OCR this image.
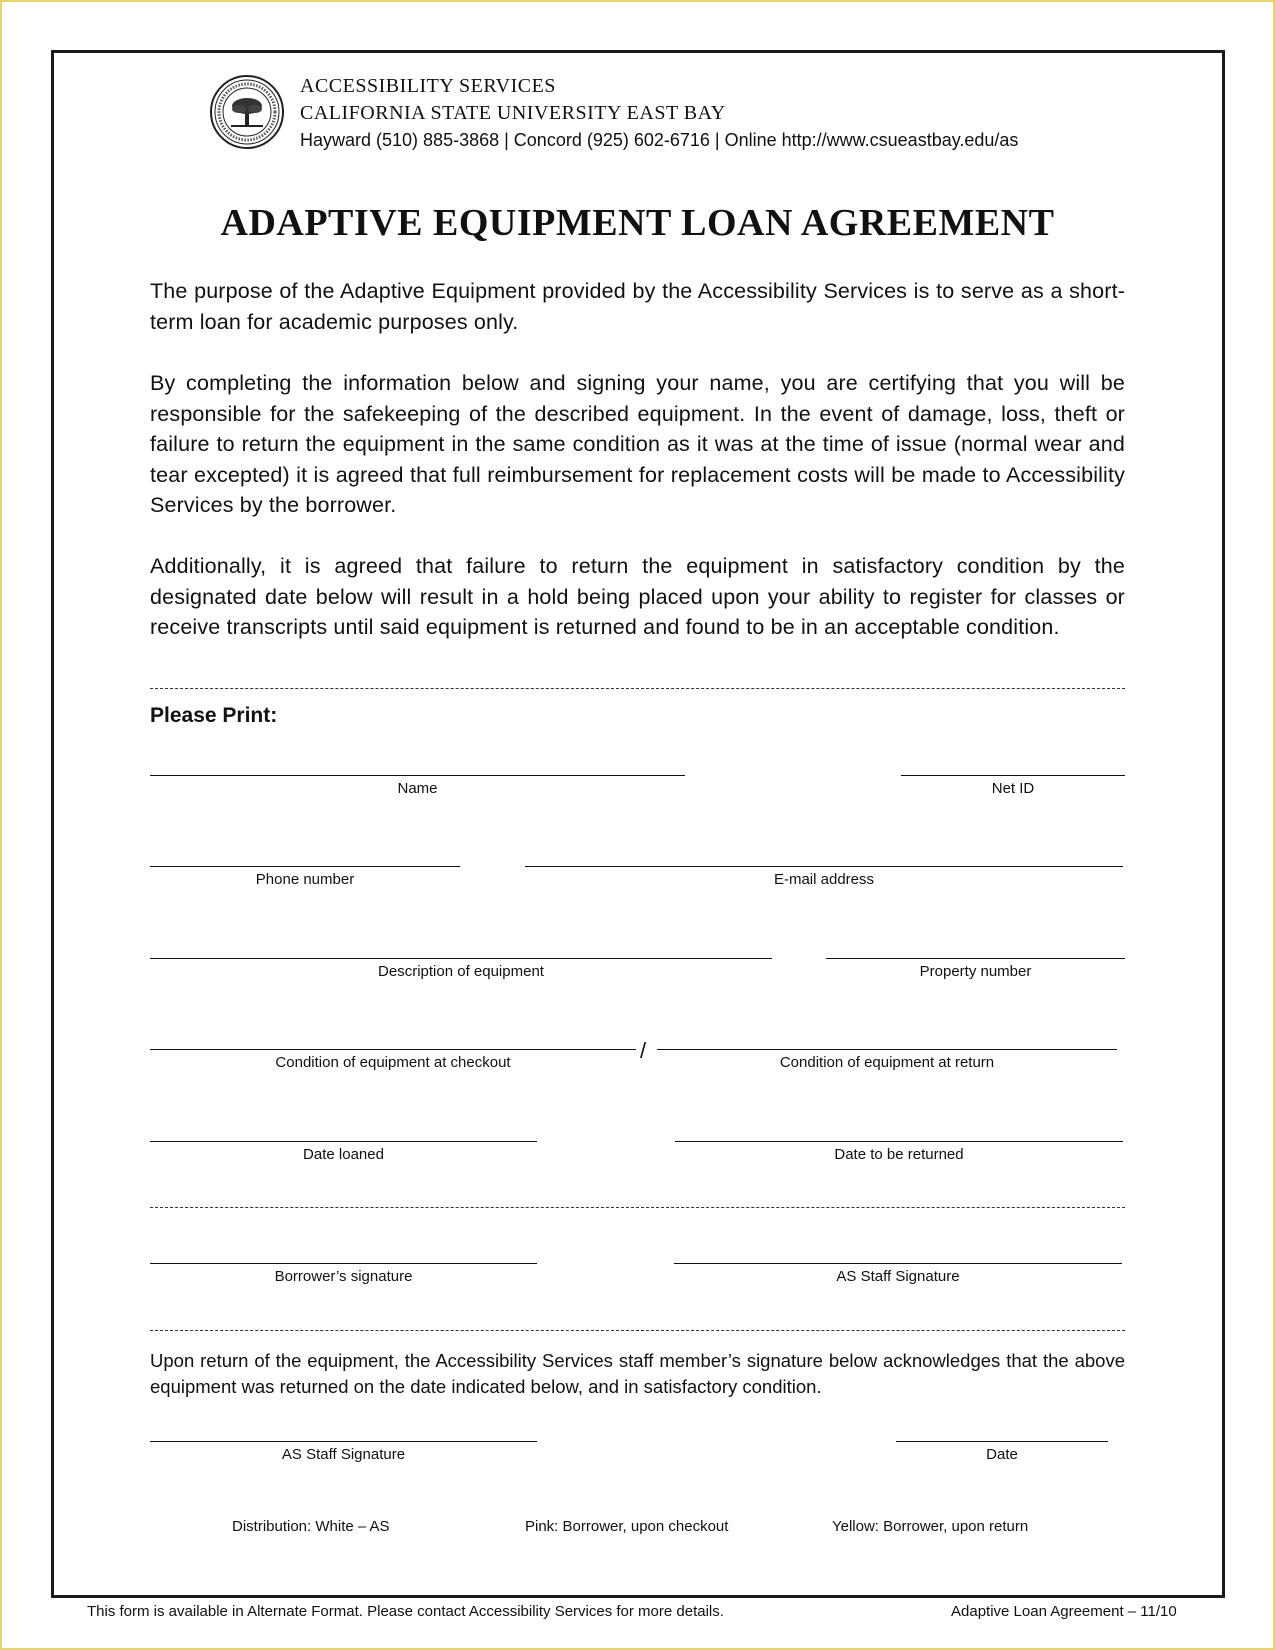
ACCESSIBILITY SERVICES
CALIFORNIA STATE UNIVERSITY EAST BAY
Hayward (510) 885-3868 | Concord (925) 602-6716 | Online http://www.csueastbay.edu/as
ADAPTIVE EQUIPMENT LOAN AGREEMENT

The purpose of the Adaptive Equipment provided by the Accessibility Services is to serve as a short-term loan for academic purposes only.

By completing the information below and signing your name, you are certifying that you will be responsible for the safekeeping of the described equipment. In the event of damage, loss, theft or failure to return the equipment in the same condition as it was at the time of issue (normal wear and tear excepted) it is agreed that full reimbursement for replacement costs will be made to Accessibility Services by the borrower.

Additionally, it is agreed that failure to return the equipment in satisfactory condition by the designated date below will result in a hold being placed upon your ability to register for classes or receive transcripts until said equipment is returned and found to be in an acceptable condition.

Please Print:

Name	Net ID
Phone number	E-mail address
Description of equipment	Property number
Condition of equipment at checkout	/	Condition of equipment at return
Date loaned	Date to be returned
Borrower’s signature	AS Staff Signature

Upon return of the equipment, the Accessibility Services staff member’s signature below acknowledges that the above equipment was returned on the date indicated below, and in satisfactory condition.

AS Staff Signature	Date
Distribution: White – AS	Pink: Borrower, upon checkout	Yellow: Borrower, upon return
This form is available in Alternate Format. Please contact Accessibility Services for more details.	Adaptive Loan Agreement – 11/10
